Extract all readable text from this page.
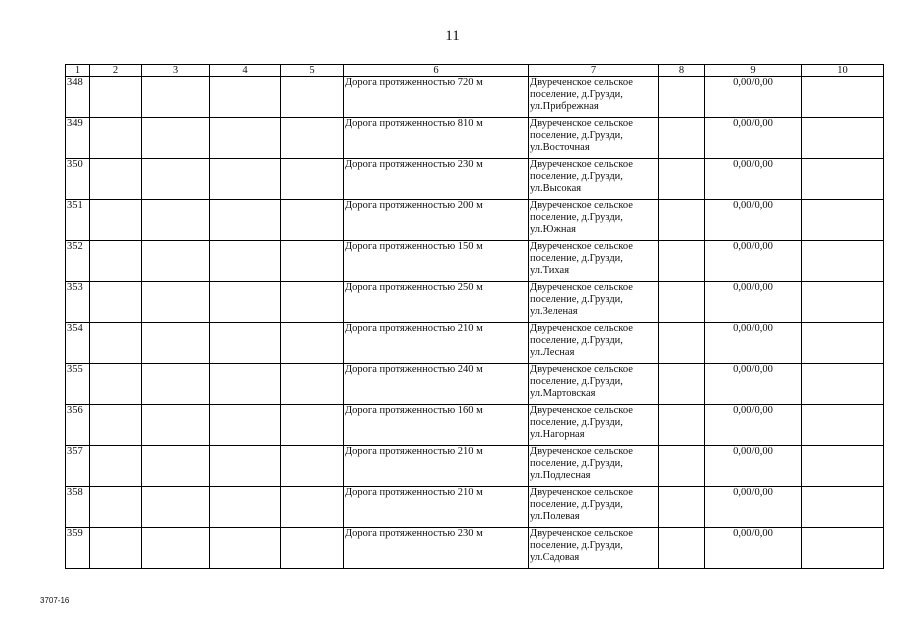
11
1	2	3	4	5	6	7	8	9	10
348					Дорога протяженностью 720 м	Двуреченское сельское
поселение, д.Грузди,
ул.Прибрежная		0,00/0,00	
349					Дорога протяженностью 810 м	Двуреченское сельское
поселение, д.Грузди,
ул.Восточная		0,00/0,00	
350					Дорога протяженностью 230 м	Двуреченское сельское
поселение, д.Грузди,
ул.Высокая		0,00/0,00	
351					Дорога протяженностью 200 м	Двуреченское сельское
поселение, д.Грузди,
ул.Южная		0,00/0,00	
352					Дорога протяженностью 150 м	Двуреченское сельское
поселение, д.Грузди,
ул.Тихая		0,00/0,00	
353					Дорога протяженностью 250 м	Двуреченское сельское
поселение, д.Грузди,
ул.Зеленая		0,00/0,00	
354					Дорога протяженностью 210 м	Двуреченское сельское
поселение, д.Грузди,
ул.Лесная		0,00/0,00	
355					Дорога протяженностью 240 м	Двуреченское сельское
поселение, д.Грузди,
ул.Мартовская		0,00/0,00	
356					Дорога протяженностью 160 м	Двуреченское сельское
поселение, д.Грузди,
ул.Нагорная		0,00/0,00	
357					Дорога протяженностью 210 м	Двуреченское сельское
поселение, д.Грузди,
ул.Подлесная		0,00/0,00	
358					Дорога протяженностью 210 м	Двуреченское сельское
поселение, д.Грузди,
ул.Полевая		0,00/0,00	
359					Дорога протяженностью 230 м	Двуреченское сельское
поселение, д.Грузди,
ул.Садовая		0,00/0,00	
3707-16
